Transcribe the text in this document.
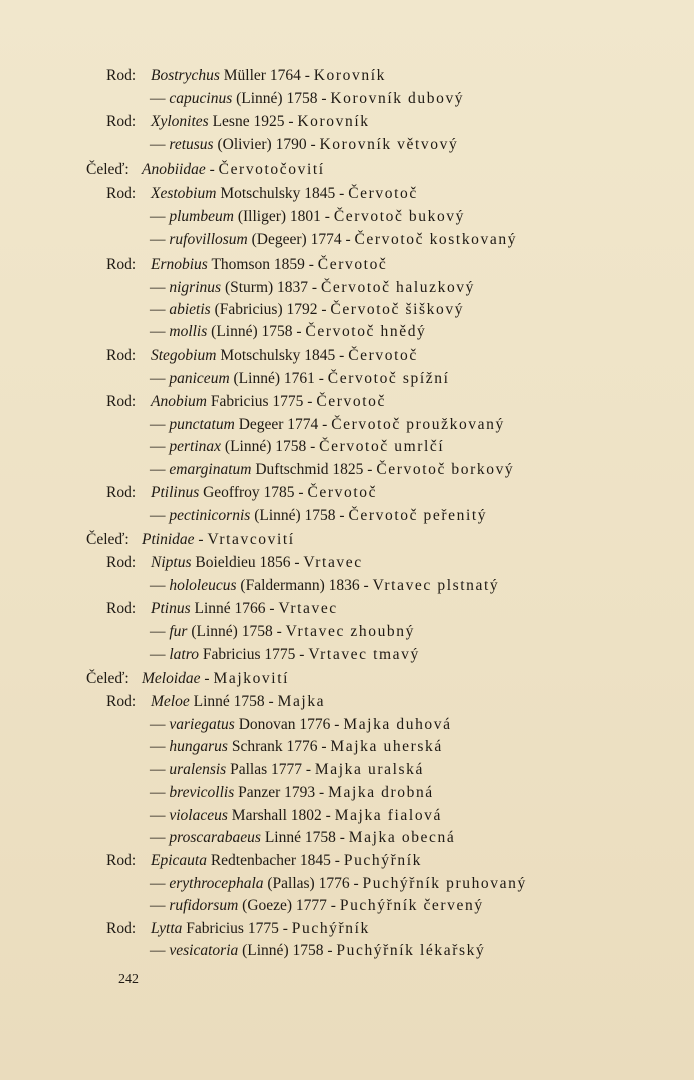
Rod: Bostrychus Müller 1764 - Korovník
— capucinus (Linné) 1758 - Korovník dubový
Rod: Xylonites Lesne 1925 - Korovník
— retusus (Olivier) 1790 - Korovník větvový
Čeleď:Anobiidae - Červotočovití
Rod: Xestobium Motschulsky 1845 - Červotoč
— plumbeum (Illiger) 1801 - Červotoč bukový
— rufovillosum (Degeer) 1774 - Červotoč kostkovaný
Rod: Ernobius Thomson 1859 - Červotoč
— nigrinus (Sturm) 1837 - Červotoč haluzkový
— abietis (Fabricius) 1792 - Červotoč šiškový
— mollis (Linné) 1758 - Červotoč hnědý
Rod: Stegobium Motschulsky 1845 - Červotoč
— paniceum (Linné) 1761 - Červotoč spížní
Rod: Anobium Fabricius 1775 - Červotoč
— punctatum Degeer 1774 - Červotoč proužkovaný
— pertinax (Linné) 1758 - Červotoč umrlčí
— emarginatum Duftschmid 1825 - Červotoč borkový
Rod: Ptilinus Geoffroy 1785 - Červotoč
— pectinicornis (Linné) 1758 - Červotoč peřenitý
Čeleď:Ptinidae - Vrtavcovití
Rod: Niptus Boieldieu 1856 - Vrtavec
— hololeucus (Faldermann) 1836 - Vrtavec plstnatý
Rod: Ptinus Linné 1766 - Vrtavec
— fur (Linné) 1758 - Vrtavec zhoubný
— latro Fabricius 1775 - Vrtavec tmavý
Čeleď:Meloidae - Majkovití
Rod: Meloe Linné 1758 - Majka
— variegatus Donovan 1776 - Majka duhová
— hungarus Schrank 1776 - Majka uherská
— uralensis Pallas 1777 - Majka uralská
— brevicollis Panzer 1793 - Majka drobná
— violaceus Marshall 1802 - Majka fialová
— proscarabaeus Linné 1758 - Majka obecná
Rod: Epicauta Redtenbacher 1845 - Puchýřník
— erythrocephala (Pallas) 1776 - Puchýřník pruhovaný
— rufidorsum (Goeze) 1777 - Puchýřník červený
Rod: Lytta Fabricius 1775 - Puchýřník
— vesicatoria (Linné) 1758 - Puchýřník lékařský
242
